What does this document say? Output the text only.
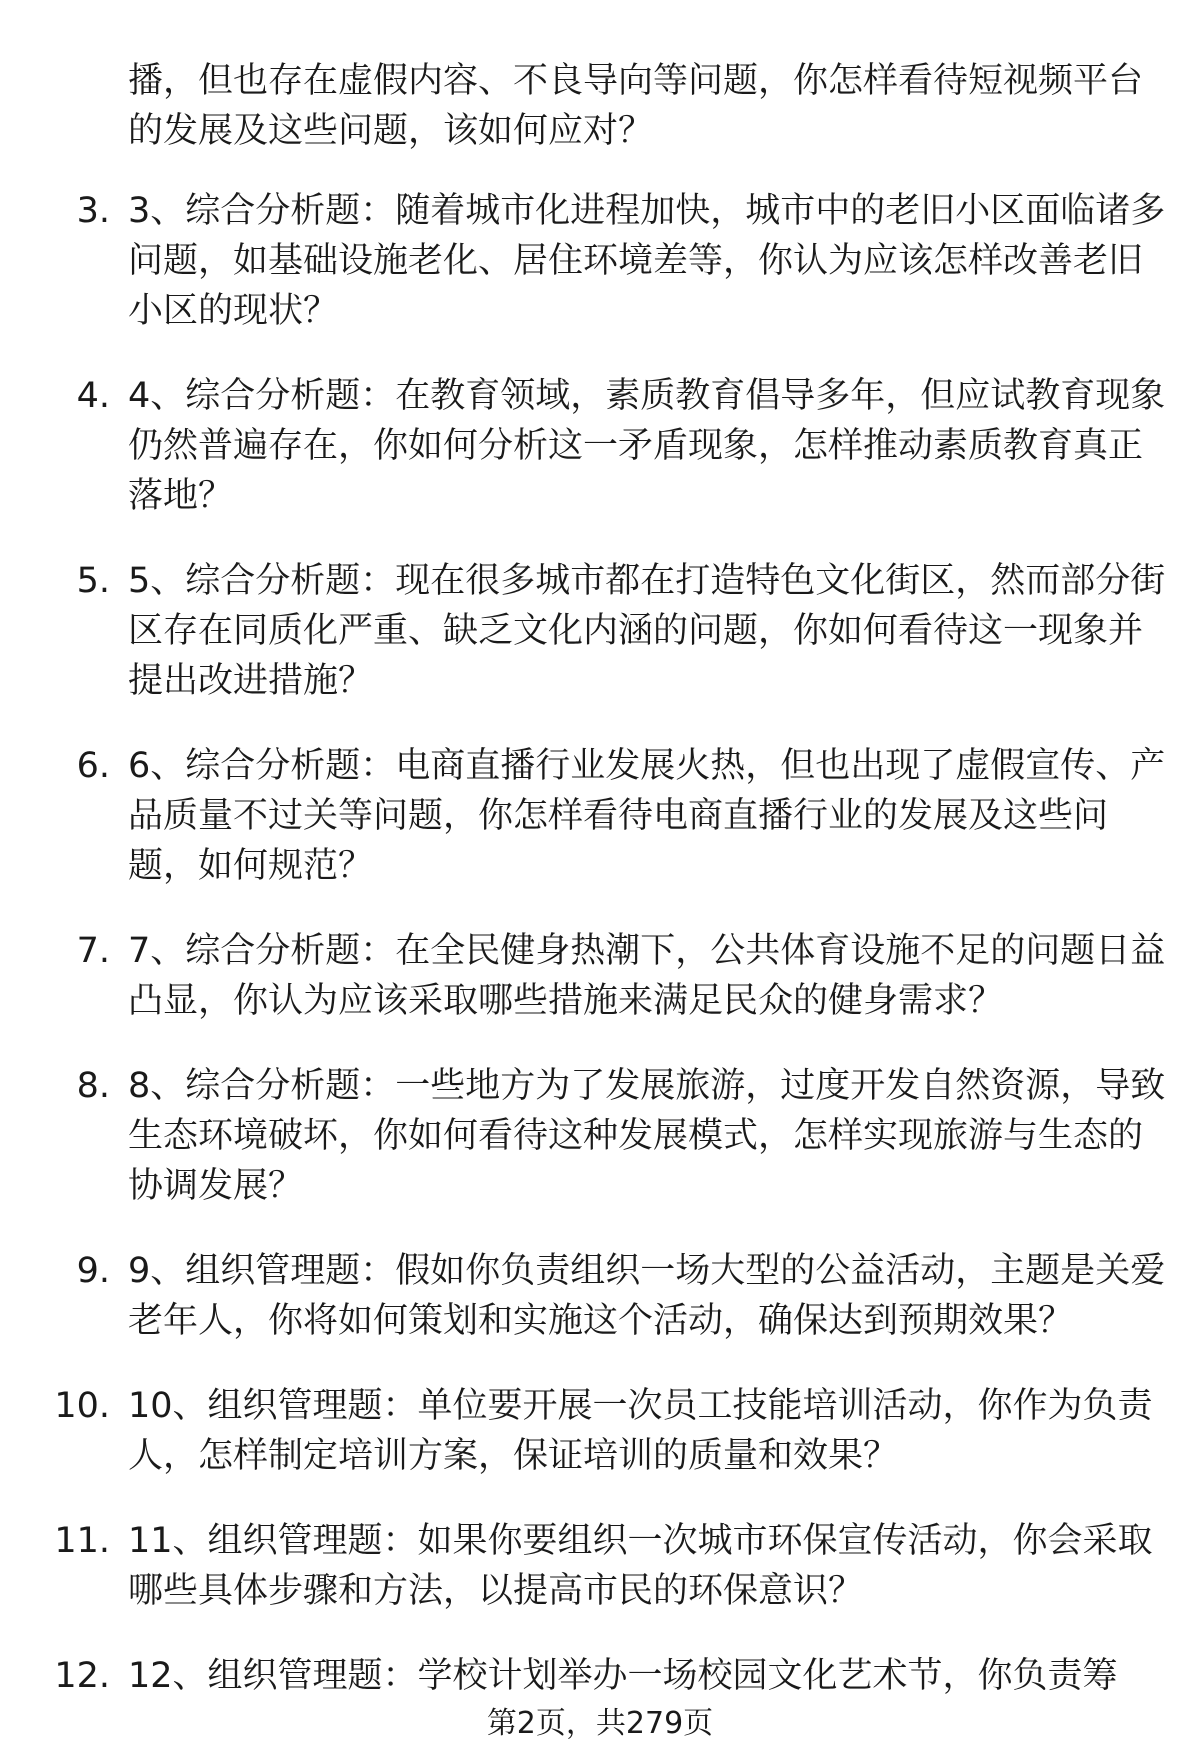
播，但也存在虚假内容、不良导向等问题，你怎样看待短视频平台的发展及这些问题，该如何应对？
3. 3、综合分析题：随着城市化进程加快，城市中的老旧小区面临诸多问题，如基础设施老化、居住环境差等，你认为应该怎样改善老旧小区的现状？
4. 4、综合分析题：在教育领域，素质教育倡导多年，但应试教育现象仍然普遍存在，你如何分析这一矛盾现象，怎样推动素质教育真正落地？
5. 5、综合分析题：现在很多城市都在打造特色文化街区，然而部分街区存在同质化严重、缺乏文化内涵的问题，你如何看待这一现象并提出改进措施？
6. 6、综合分析题：电商直播行业发展火热，但也出现了虚假宣传、产品质量不过关等问题，你怎样看待电商直播行业的发展及这些问题，如何规范？
7. 7、综合分析题：在全民健身热潮下，公共体育设施不足的问题日益凸显，你认为应该采取哪些措施来满足民众的健身需求？
8. 8、综合分析题：一些地方为了发展旅游，过度开发自然资源，导致生态环境破坏，你如何看待这种发展模式，怎样实现旅游与生态的协调发展？
9. 9、组织管理题：假如你负责组织一场大型的公益活动，主题是关爱老年人，你将如何策划和实施这个活动，确保达到预期效果？
10. 10、组织管理题：单位要开展一次员工技能培训活动，你作为负责人，怎样制定培训方案，保证培训的质量和效果？
11. 11、组织管理题：如果你要组织一次城市环保宣传活动，你会采取哪些具体步骤和方法，以提高市民的环保意识？
12. 12、组织管理题：学校计划举办一场校园文化艺术节，你负责筹
第2页，共279页
